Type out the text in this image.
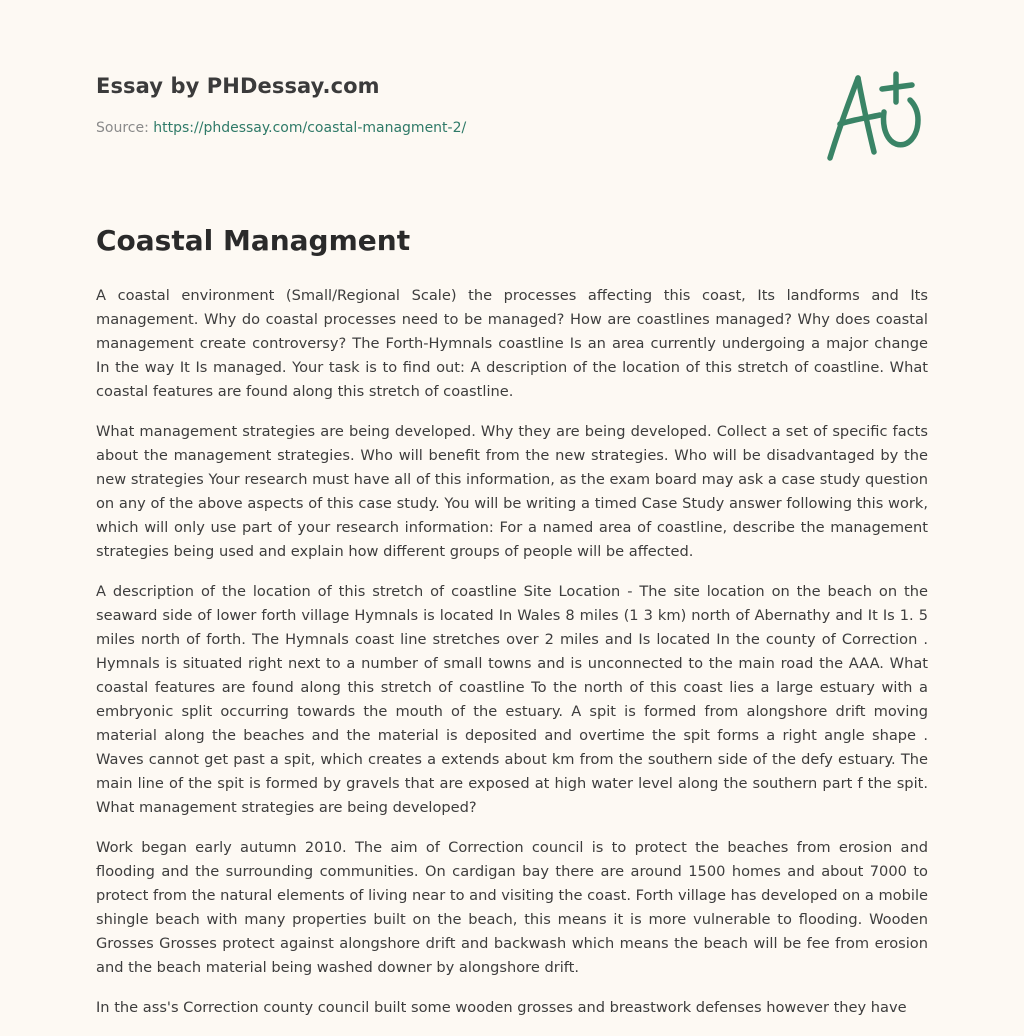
Essay by PHDessay.com
Source: https://phdessay.com/coastal-managment-2/
Coastal Managment

A coastal environment (Small/Regional Scale) the processes affecting this coast, Its landforms and Its management. Why do coastal processes need to be managed? How are coastlines managed? Why does coastal management create controversy? The Forth-Hymnals coastline Is an area currently undergoing a major change In the way It Is managed. Your task is to find out: A description of the location of this stretch of coastline. What coastal features are found along this stretch of coastline.

What management strategies are being developed. Why they are being developed. Collect a set of specific facts about the management strategies. Who will benefit from the new strategies. Who will be disadvantaged by the new strategies Your research must have all of this information, as the exam board may ask a case study question on any of the above aspects of this case study. You will be writing a timed Case Study answer following this work, which will only use part of your research information: For a named area of coastline, describe the management strategies being used and explain how different groups of people will be affected.

A description of the location of this stretch of coastline Site Location - The site location on the beach on the seaward side of lower forth village Hymnals is located In Wales 8 miles (1 3 km) north of Abernathy and It Is 1. 5 miles north of forth. The Hymnals coast line stretches over 2 miles and Is located In the county of Correction . Hymnals is situated right next to a number of small towns and is unconnected to the main road the AAA. What coastal features are found along this stretch of coastline To the north of this coast lies a large estuary with a embryonic split occurring towards the mouth of the estuary. A spit is formed from alongshore drift moving material along the beaches and the material is deposited and overtime the spit forms a right angle shape . Waves cannot get past a spit, which creates a extends about km from the southern side of the defy estuary. The main line of the spit is formed by gravels that are exposed at high water level along the southern part f the spit. What management strategies are being developed?

Work began early autumn 2010. The aim of Correction council is to protect the beaches from erosion and flooding and the surrounding communities. On cardigan bay there are around 1500 homes and about 7000 to protect from the natural elements of living near to and visiting the coast. Forth village has developed on a mobile shingle beach with many properties built on the beach, this means it is more vulnerable to flooding. Wooden Grosses Grosses protect against alongshore drift and backwash which means the beach will be fee from erosion and the beach material being washed downer by alongshore drift.

In the ass's Correction county council built some wooden grosses and breastwork defenses however they have
